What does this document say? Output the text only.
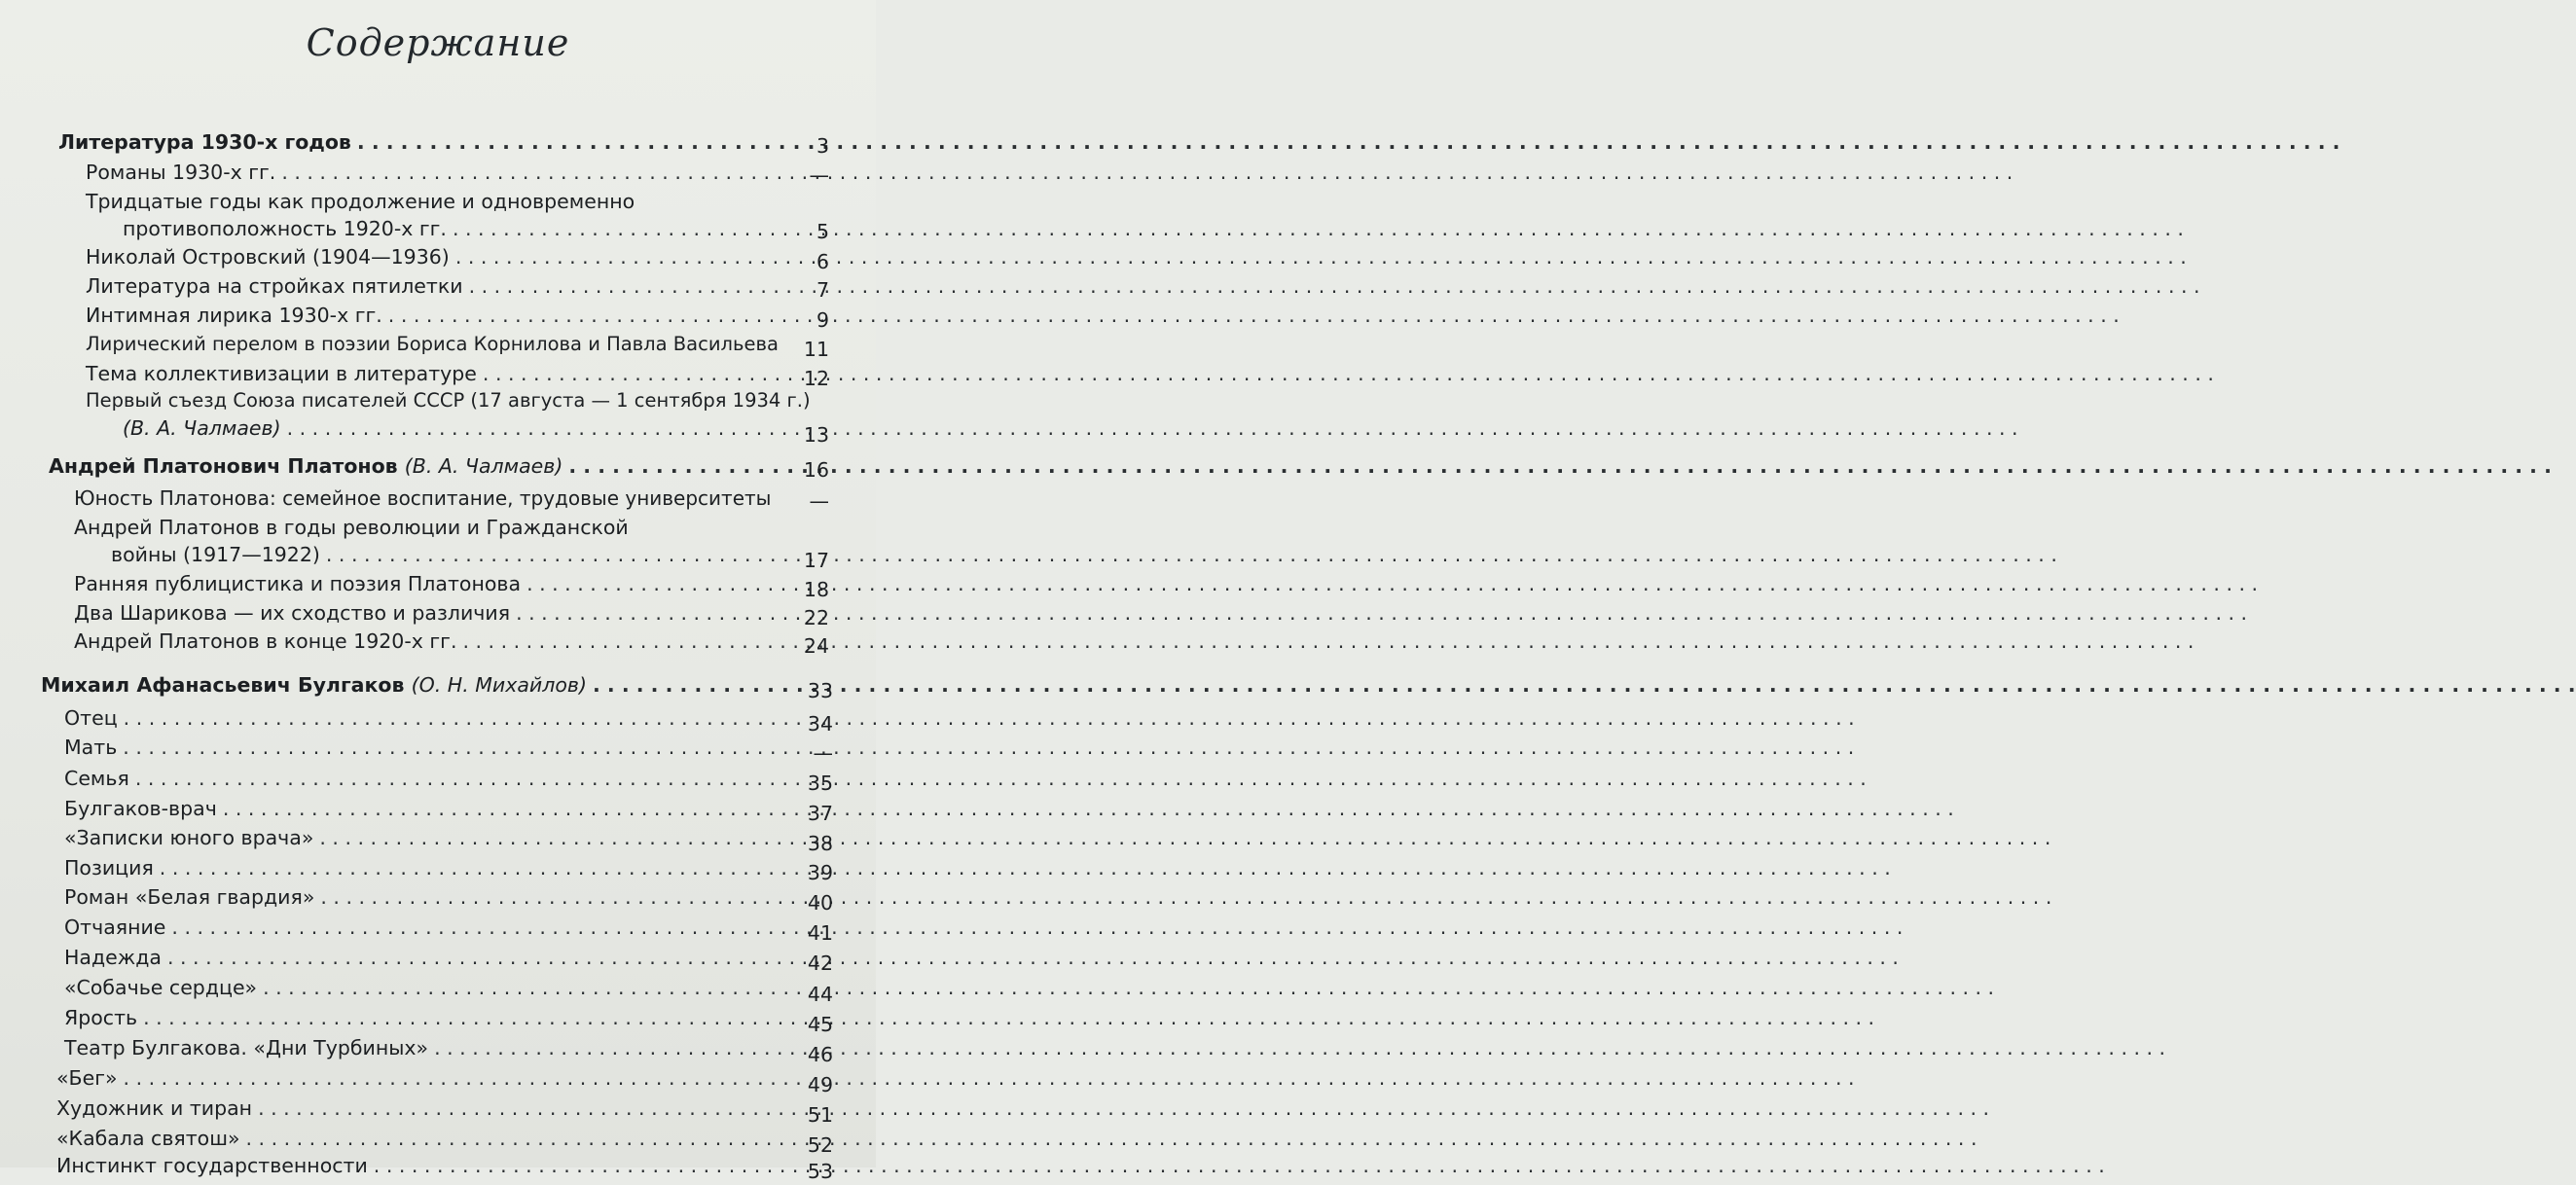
Содержание
Литература 1930-х годов . . .	3
Романы 1930-х гг. . . .	—
Тридцатые годы как продолжение и одновременно
противоположность 1920-х гг. . . .	5
Николай Островский (1904—1936) . . .	6
Литература на стройках пятилетки . . .	7
Интимная лирика 1930-х гг. . . .	9
Лирический перелом в поэзии Бориса Корнилова и Павла Васильева	11
Тема коллективизации в литературе . . .	12
Первый съезд Союза писателей СССР (17 августа — 1 сентября 1934 г.)
(В. А. Чалмаев) . . .	13
Андрей Платонович Платонов
(В. А. Чалмаев) . . .	16
Юность Платонова: семейное воспитание, трудовые университеты	—
Андрей Платонов в годы революции и Гражданской
войны (1917—1922) . . .	17
Ранняя публицистика и поэзия Платонова . . .	18
Два Шарикова — их сходство и различия . . .	22
Андрей Платонов в конце 1920-х гг. . . .	24
Михаил Афанасьевич Булгаков
(О. Н. Михайлов) . . .	33
Отец . . .	34
Мать . . .	—
Семья . . .	35
Булгаков-врач . . .	37
«Записки юного врача» . . .	38
Позиция . . .	39
Роман «Белая гвардия» . . .	40
Отчаяние . . .	41
Надежда . . .	42
«Собачье сердце» . . .	44
Ярость . . .	45
Театр Булгакова. «Дни Турбиных» . . .	46
«Бег» . . .	49
Художник и тиран . . .	51
«Кабала святош» . . .	52
Инстинкт государственности . . .	53
